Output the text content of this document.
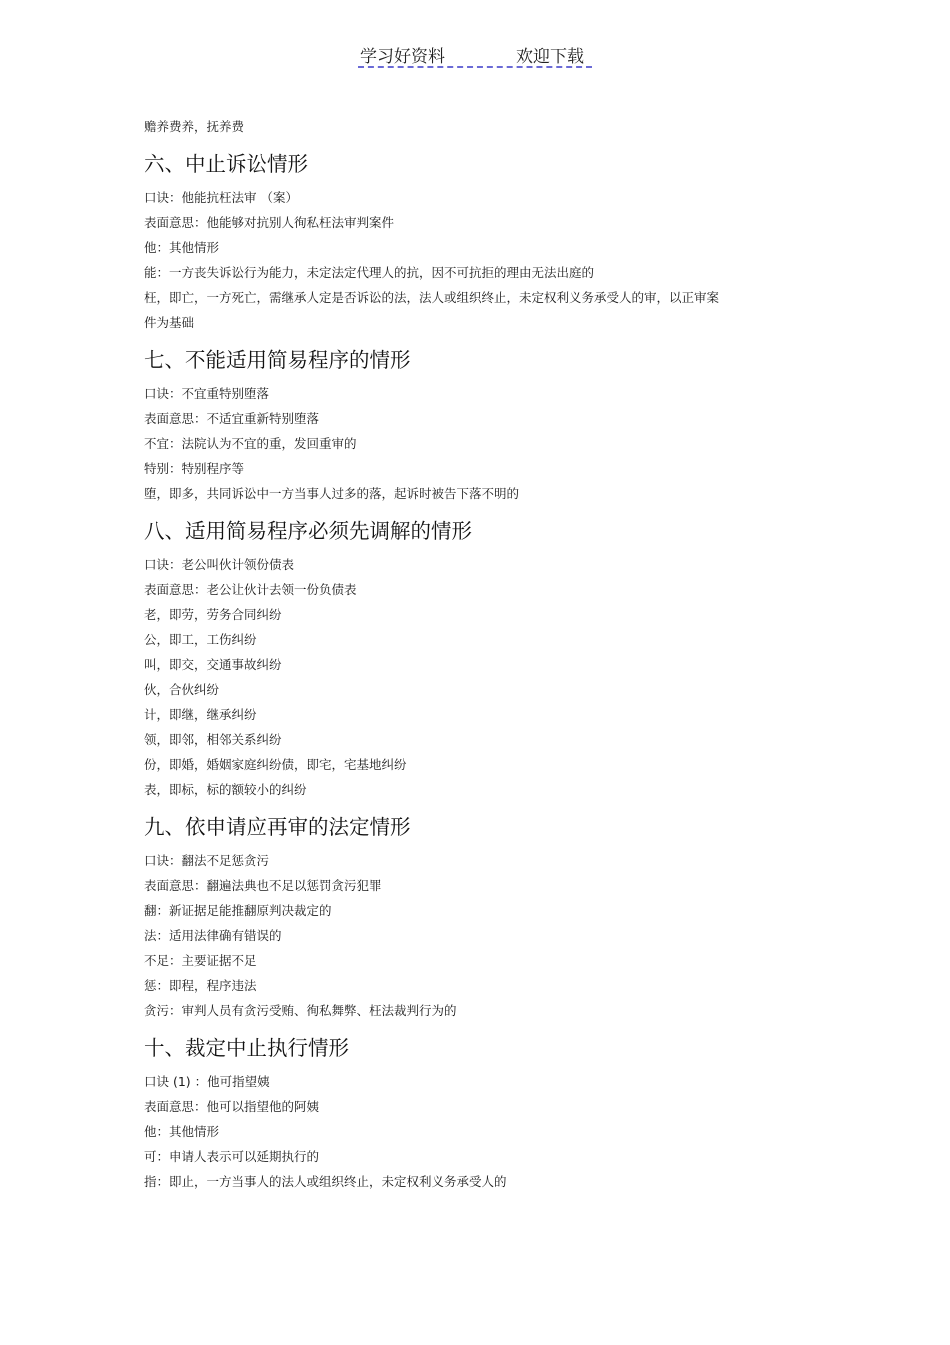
学习好资料	欢迎下载
赡养费养，抚养费
六、中止诉讼情形
口诀：他能抗枉法审 （案）
表面意思：他能够对抗别人徇私枉法审判案件
他：其他情形
能：一方丧失诉讼行为能力，未定法定代理人的抗，因不可抗拒的理由无法出庭的
枉，即亡，一方死亡，需继承人定是否诉讼的法，法人或组织终止，未定权利义务承受人的审，以正审案
件为基础
七、不能适用简易程序的情形
口诀：不宜重特别堕落
表面意思：不适宜重新特别堕落
不宜：法院认为不宜的重，发回重审的
特别：特别程序等
堕，即多，共同诉讼中一方当事人过多的落，起诉时被告下落不明的
八、适用简易程序必须先调解的情形
口诀：老公叫伙计领份债表
表面意思：老公让伙计去领一份负债表
老，即劳，劳务合同纠纷
公，即工，工伤纠纷
叫，即交，交通事故纠纷
伙，合伙纠纷
计，即继，继承纠纷
领，即邻，相邻关系纠纷
份，即婚，婚姻家庭纠纷债，即宅，宅基地纠纷
表，即标，标的额较小的纠纷
九、依申请应再审的法定情形
口诀：翻法不足惩贪污
表面意思：翻遍法典也不足以惩罚贪污犯罪
翻：新证据足能推翻原判决裁定的
法：适用法律确有错误的
不足：主要证据不足
惩：即程，程序违法
贪污：审判人员有贪污受贿、徇私舞弊、枉法裁判行为的
十、裁定中止执行情形
口诀 (1) ：他可指望姨
表面意思：他可以指望他的阿姨
他：其他情形
可：申请人表示可以延期执行的
指：即止，一方当事人的法人或组织终止，未定权利义务承受人的
